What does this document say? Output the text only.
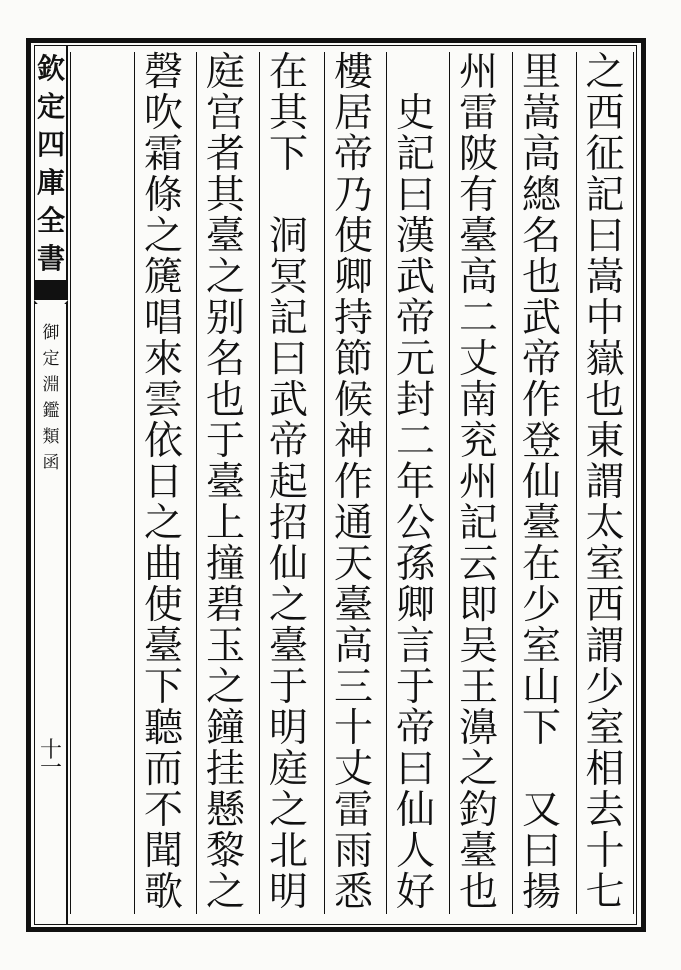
欽
定
四
庫
全
書
御
定
淵
鑑
類
函
十
一
之
西
征
記
曰
嵩
中
嶽
也
東
謂
太
室
西
謂
少
室
相
去
十
七
里
嵩
高
總
名
也
武
帝
作
登
仙
臺
在
少
室
山
下

又
曰
揚
州
雷
陂
有
臺
高
二
丈
南
兖
州
記
云
即
吴
王
濞
之
釣
臺
也

史
記
曰
漢
武
帝
元
封
二
年
公
孫
卿
言
于
帝
曰
仙
人
好
樓
居
帝
乃
使
卿
持
節
候
神
作
通
天
臺
高
三
十
丈
雷
雨
悉
在
其
下

洞
冥
記
曰
武
帝
起
招
仙
之
臺
于
明
庭
之
北
明
庭
宫
者
其
臺
之
别
名
也
于
臺
上
撞
碧
玉
之
鐘
挂
懸
黎
之
磬
吹
霜
條
之
篪
唱
來
雲
依
日
之
曲
使
臺
下
聽
而
不
聞
歌
